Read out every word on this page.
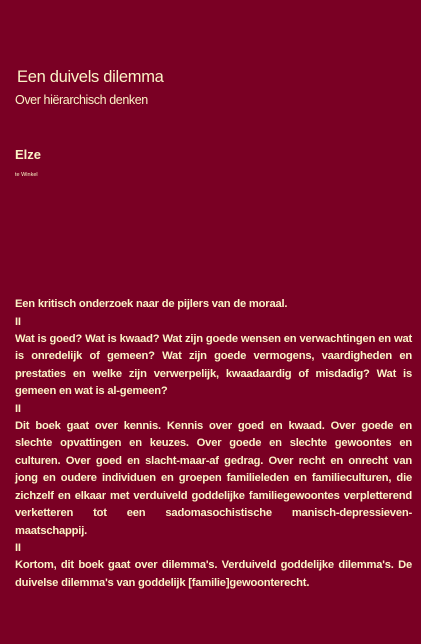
Een duivels dilemma
Over hiërarchisch denken
Elze
te Winkel

Een kritisch onderzoek naar de pijlers van de moraal.

II

Wat is goed? Wat is kwaad? Wat zijn goede wensen en verwachtingen en wat is onredelijk of gemeen? Wat zijn goede vermogens, vaardigheden en prestaties en welke zijn verwerpelijk, kwaadaardig of misdadig? Wat is gemeen en wat is al-gemeen?

II

Dit boek gaat over kennis. Kennis over goed en kwaad. Over goede en slechte opvattingen en keuzes. Over goede en slechte gewoontes en culturen. Over goed en slacht-maar-af gedrag. Over recht en onrecht van jong en oudere individuen en groepen familieleden en familieculturen, die zichzelf en elkaar met verduiveld goddelijke familiegewoontes verpletterend verketteren tot een sadomasochistische manisch-depressieven-maatschappij.

II

Kortom, dit boek gaat over dilemma's. Verduiveld goddelijke dilemma's. De duivelse dilemma's van goddelijk [familie]gewoonterecht.
